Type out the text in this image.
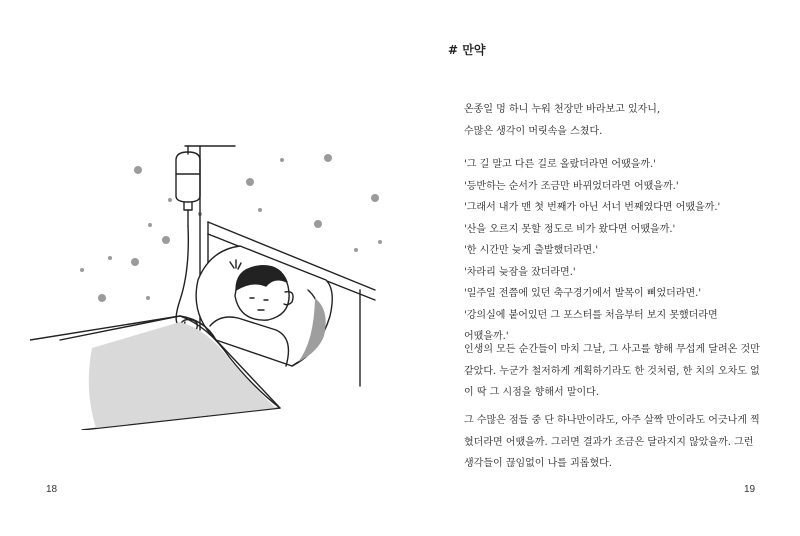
18
# 만약

온종일 멍 하니 누워 천장만 바라보고 있자니,

수많은 생각이 머릿속을 스쳤다.

'그 길 말고 다른 길로 올랐더라면 어땠을까.'

'등반하는 순서가 조금만 바뀌었더라면 어땠을까.'

'그래서 내가 맨 첫 번째가 아닌 서너 번째였다면 어땠을까.'

'산을 오르지 못할 정도로 비가 왔다면 어땠을까.'

'한 시간만 늦게 출발했더라면.'

'차라리 늦잠을 잤더라면.'

'일주일 전쯤에 있던 축구경기에서 발목이 삐었더라면.'

'강의실에 붙어있던 그 포스터를 처음부터 보지 못했더라면

어땠을까.'

인생의 모든 순간들이 마치 그날, 그 사고를 향해 무섭게 달려온 것만

같았다. 누군가 철저하게 계획하기라도 한 것처럼, 한 치의 오차도 없

이 딱 그 시점을 향해서 말이다.

그 수많은 점들 중 단 하나만이라도, 아주 살짝 만이라도 어긋나게 찍

혔더라면 어땠을까. 그러면 결과가 조금은 달라지지 않았을까. 그런

생각들이 끊임없이 나를 괴롭혔다.

19
